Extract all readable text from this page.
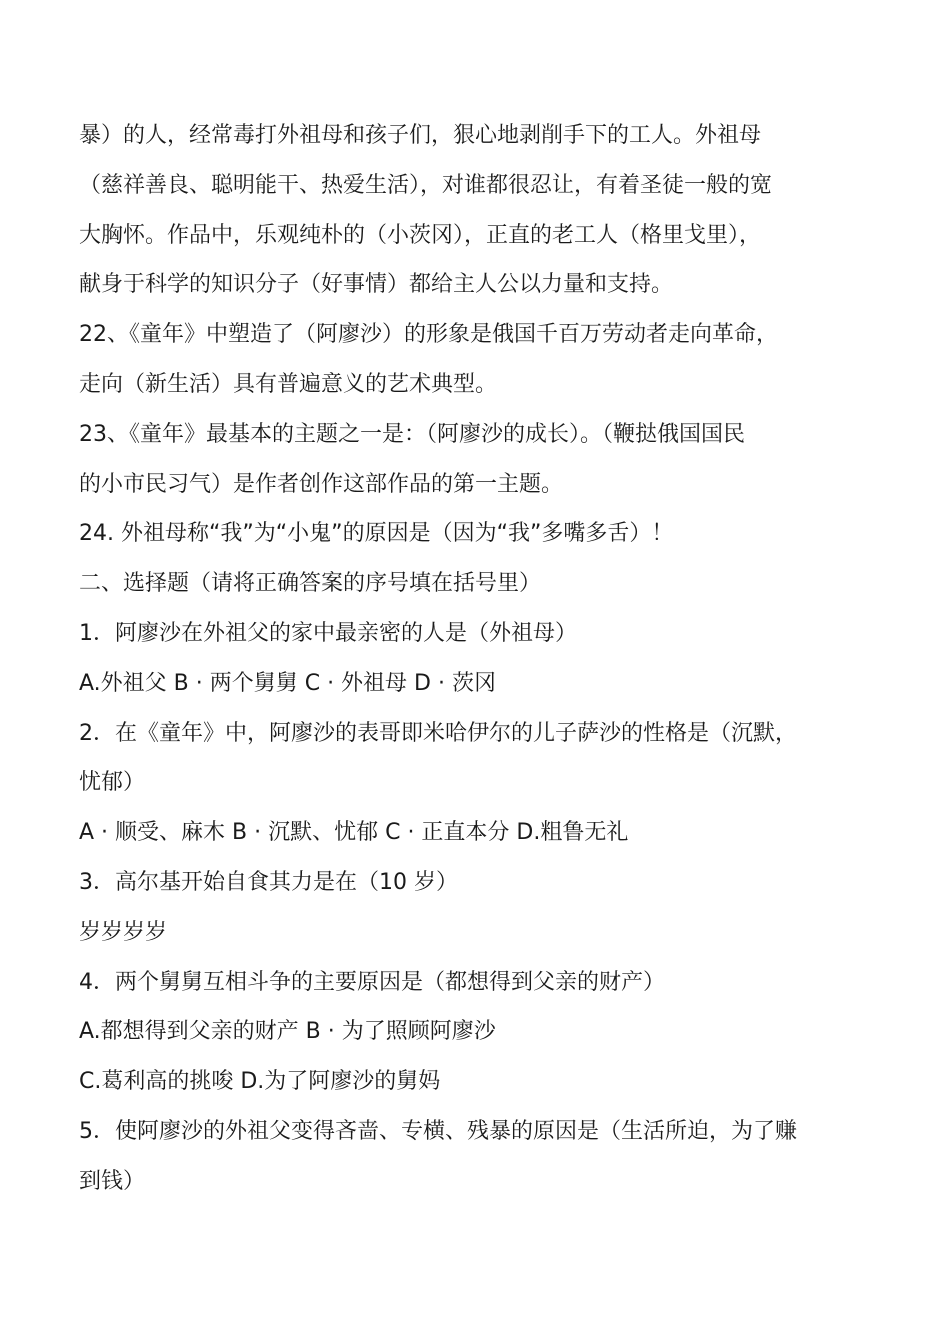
暴）的人，经常毒打外祖母和孩子们，狠心地剥削手下的工人。外祖母
（慈祥善良、聪明能干、热爱生活），对谁都很忍让，有着圣徒一般的宽
大胸怀。作品中，乐观纯朴的（小茨冈），正直的老工人（格里戈里），
献身于科学的知识分子（好事情）都给主人公以力量和支持。
22、《童年》中塑造了（阿廖沙）的形象是俄国千百万劳动者走向革命，
走向（新生活）具有普遍意义的艺术典型。
23、《童年》最基本的主题之一是：（阿廖沙的成长）。（鞭挞俄国国民
的小市民习气）是作者创作这部作品的第一主题。
24. 外祖母称“我”为“小鬼”的原因是（因为“我”多嘴多舌）！
二、选择题（请将正确答案的序号填在括号里）
1．阿廖沙在外祖父的家中最亲密的人是（外祖母）
A.外祖父 B · 两个舅舅 C · 外祖母 D · 茨冈
2．在《童年》中，阿廖沙的表哥即米哈伊尔的儿子萨沙的性格是（沉默，
忧郁）
A · 顺受、麻木 B · 沉默、忧郁 C · 正直本分 D.粗鲁无礼
3．高尔基开始自食其力是在（10 岁）
岁岁岁岁
4．两个舅舅互相斗争的主要原因是（都想得到父亲的财产）
A.都想得到父亲的财产 B · 为了照顾阿廖沙
C.葛利高的挑唆 D.为了阿廖沙的舅妈
5．使阿廖沙的外祖父变得吝啬、专横、残暴的原因是（生活所迫，为了赚
到钱）
